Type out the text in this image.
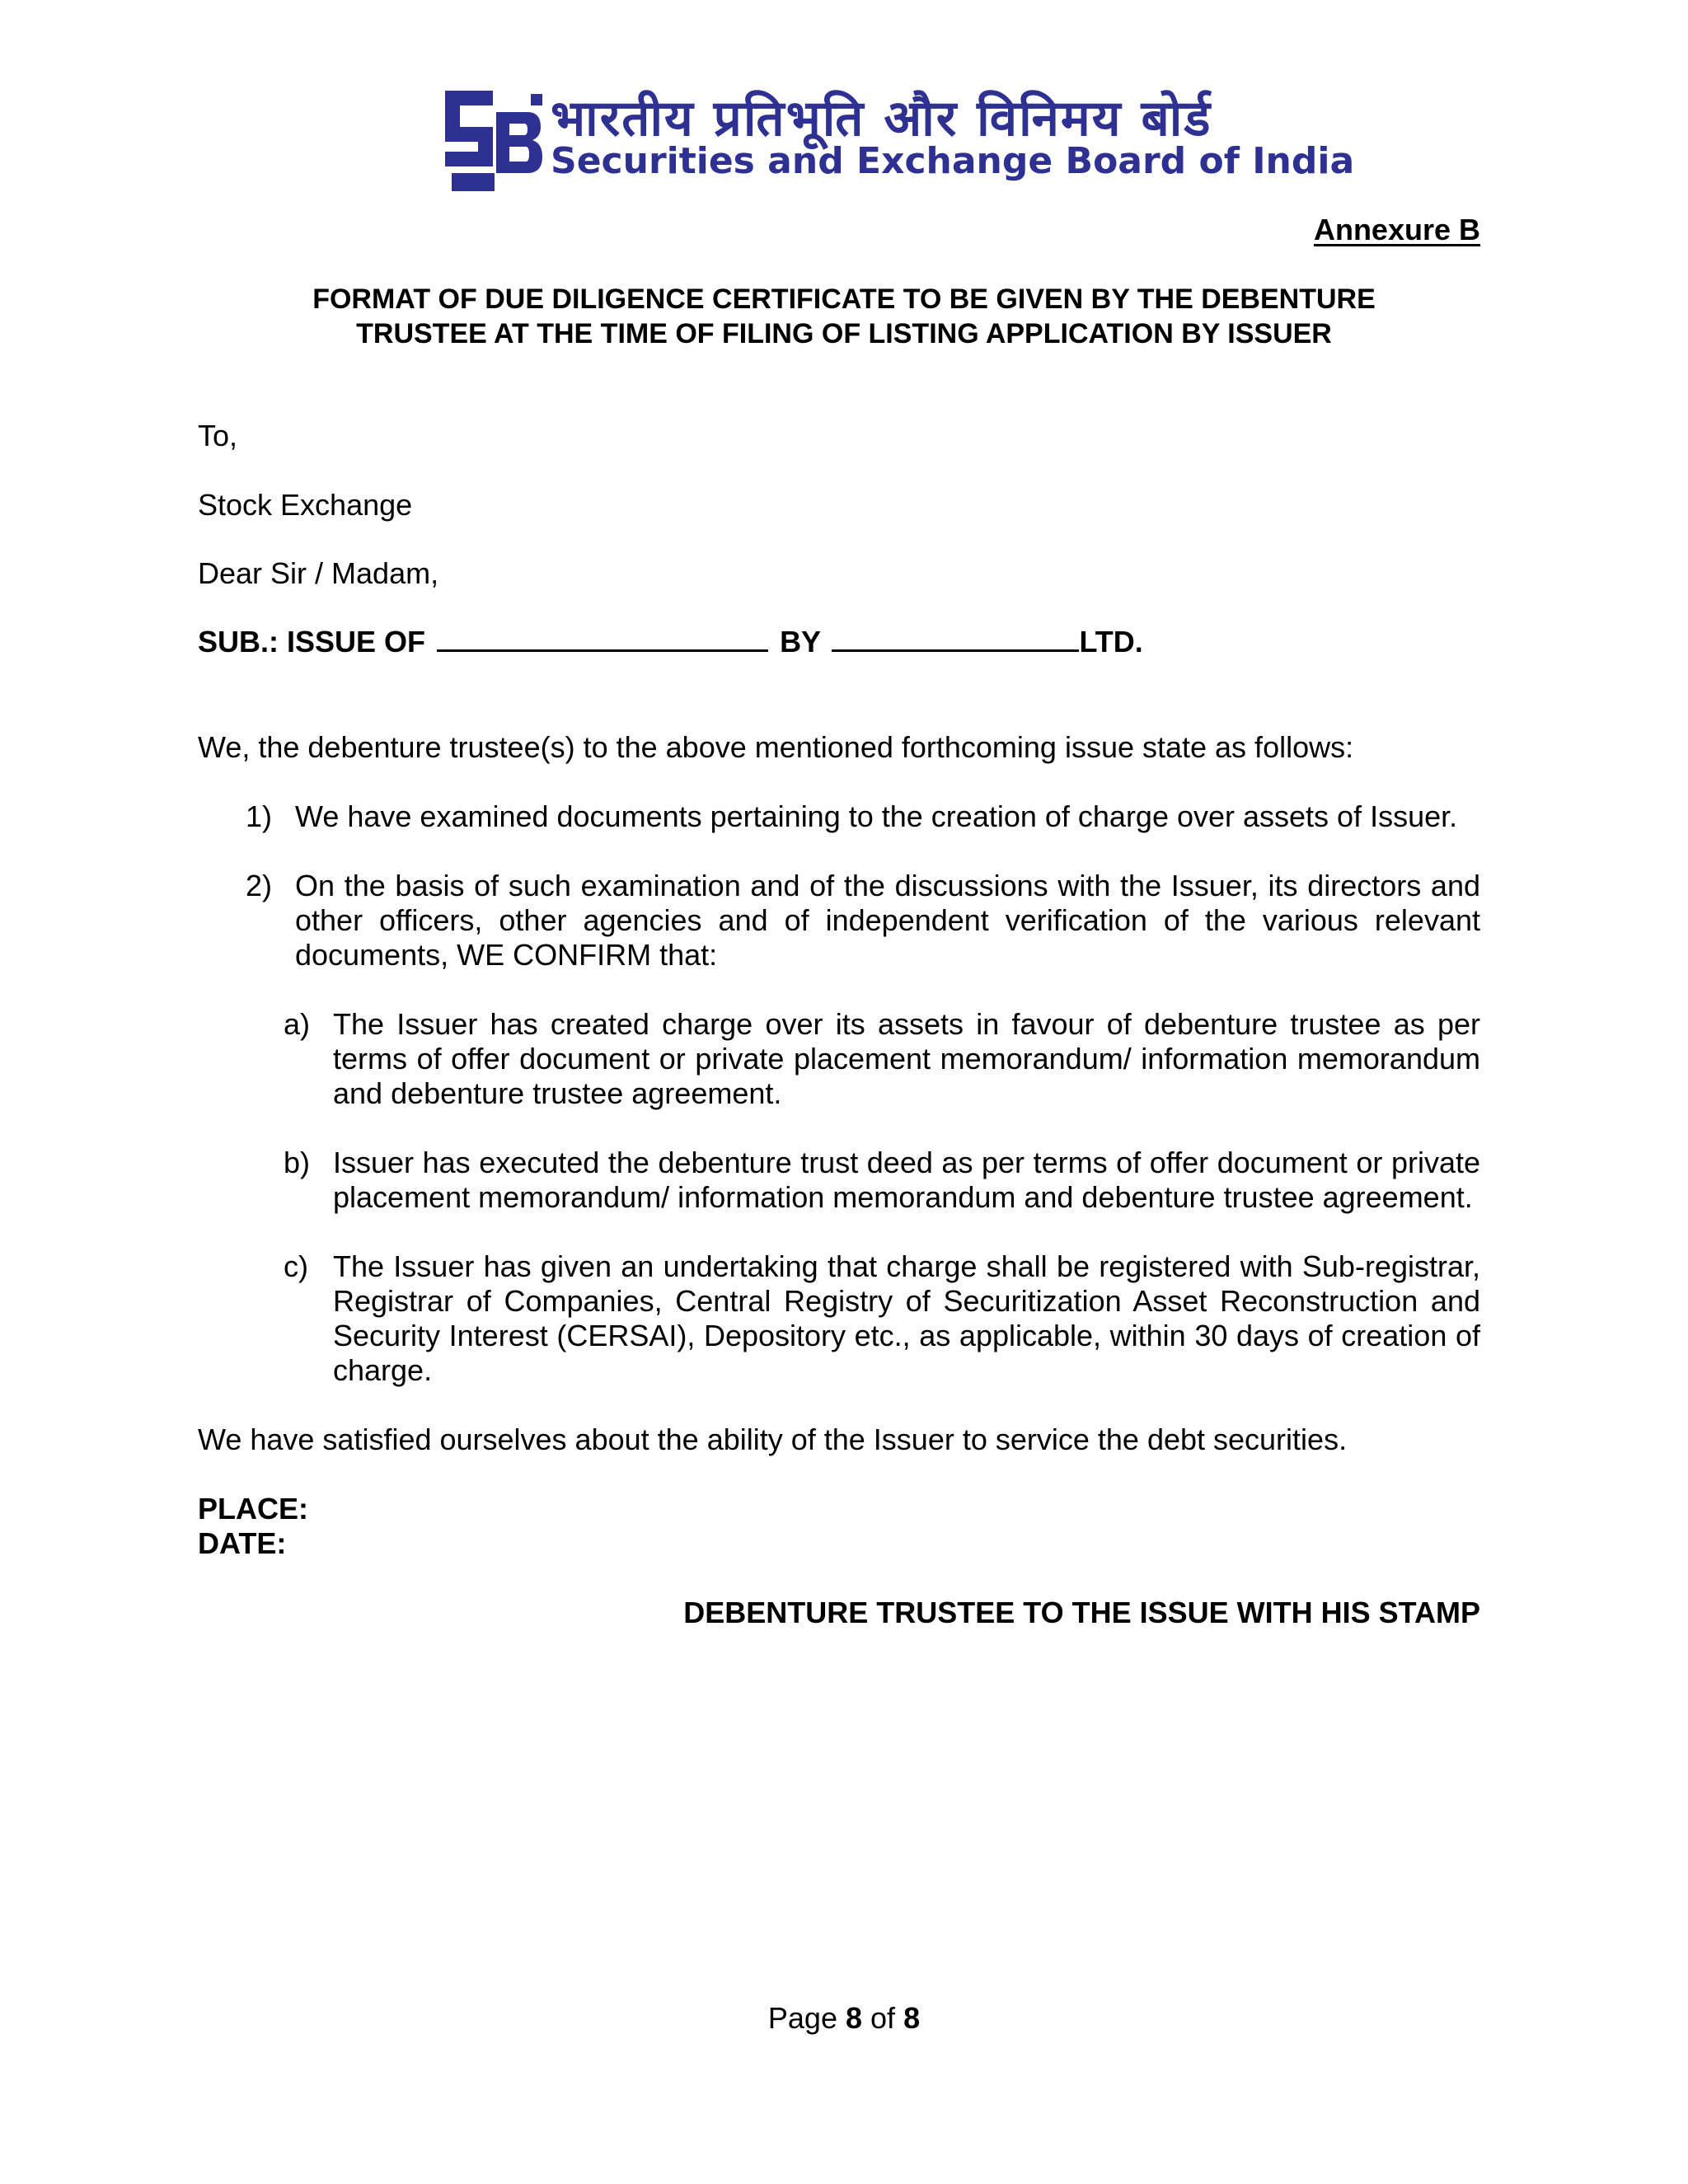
भारतीय प्रतिभूति और विनिमय बोर्ड
Securities and Exchange Board of India
Annexure B
FORMAT OF DUE DILIGENCE CERTIFICATE TO BE GIVEN BY THE DEBENTURE
TRUSTEE AT THE TIME OF FILING OF LISTING APPLICATION BY ISSUER
To,
Stock Exchange
Dear Sir / Madam,
SUB.: ISSUE OF	BY	LTD.
We, the debenture trustee(s) to the above mentioned forthcoming issue state as follows:
1) We have examined documents pertaining to the creation of charge over assets of Issuer.
2) On the basis of such examination and of the discussions with the Issuer, its directors and other officers, other agencies and of independent verification of the various relevant documents, WE CONFIRM that:
a) The Issuer has created charge over its assets in favour of debenture trustee as per terms of offer document or private placement memorandum/ information memorandum and debenture trustee agreement.
b) Issuer has executed the debenture trust deed as per terms of offer document or private placement memorandum/ information memorandum and debenture trustee agreement.
c) The Issuer has given an undertaking that charge shall be registered with Sub-registrar, Registrar of Companies, Central Registry of Securitization Asset Reconstruction and Security Interest (CERSAI), Depository etc., as applicable, within 30 days of creation of charge.
We have satisfied ourselves about the ability of the Issuer to service the debt securities.
PLACE:
DATE:
DEBENTURE TRUSTEE TO THE ISSUE WITH HIS STAMP
Page 8 of 8
